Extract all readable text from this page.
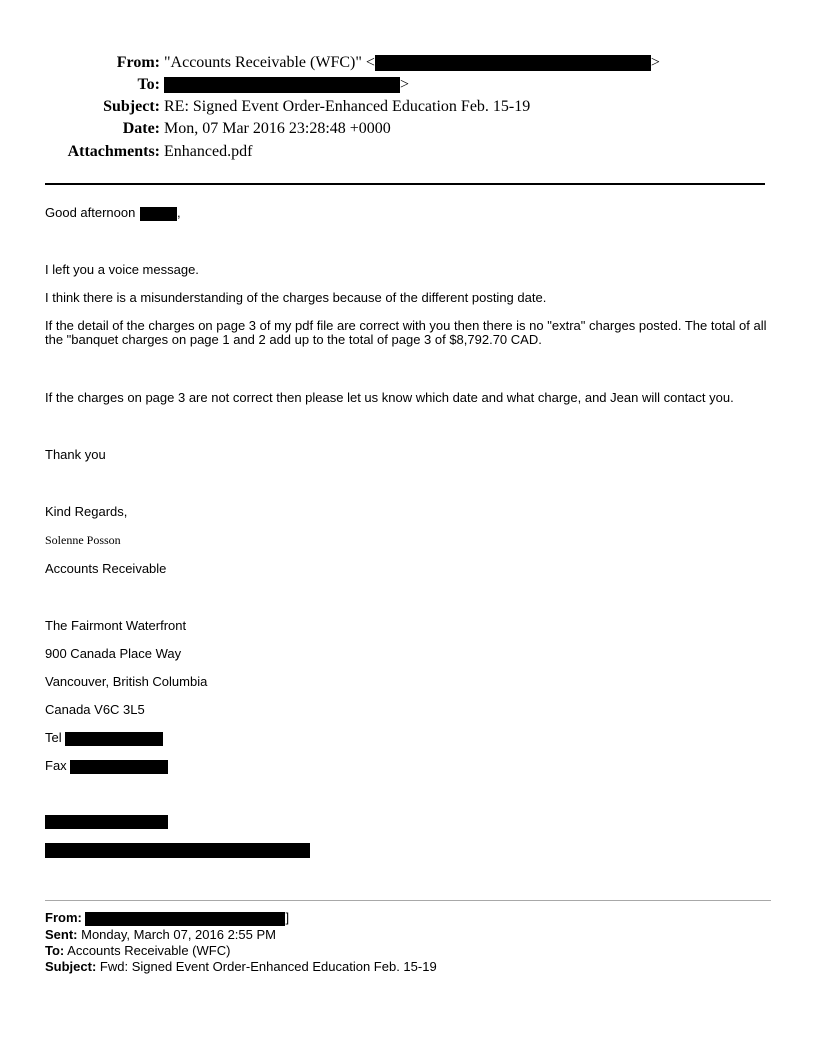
From: "Accounts Receivable (WFC)" <	>
To:	>
Subject: RE: Signed Event Order-Enhanced Education Feb. 15-19
Date: Mon, 07 Mar 2016 23:28:48 +0000
Attachments: Enhanced.pdf
Good afternoon	,
I left you a voice message.
I think there is a misunderstanding of the charges because of the different posting date.
If the detail of the charges on page 3 of my pdf file are correct with you then there is no "extra" charges posted. The total of all the "banquet charges on page 1 and 2 add up to the total of page 3 of $8,792.70 CAD.
If the charges on page 3 are not correct then please let us know which date and what charge, and Jean will contact you.
Thank you
Kind Regards,
Solenne Posson
Accounts Receivable
The Fairmont Waterfront
900 Canada Place Way
Vancouver, British Columbia
Canada V6C 3L5
Tel
Fax
From:	]
Sent: Monday, March 07, 2016 2:55 PM
To: Accounts Receivable (WFC)
Subject: Fwd: Signed Event Order-Enhanced Education Feb. 15-19
